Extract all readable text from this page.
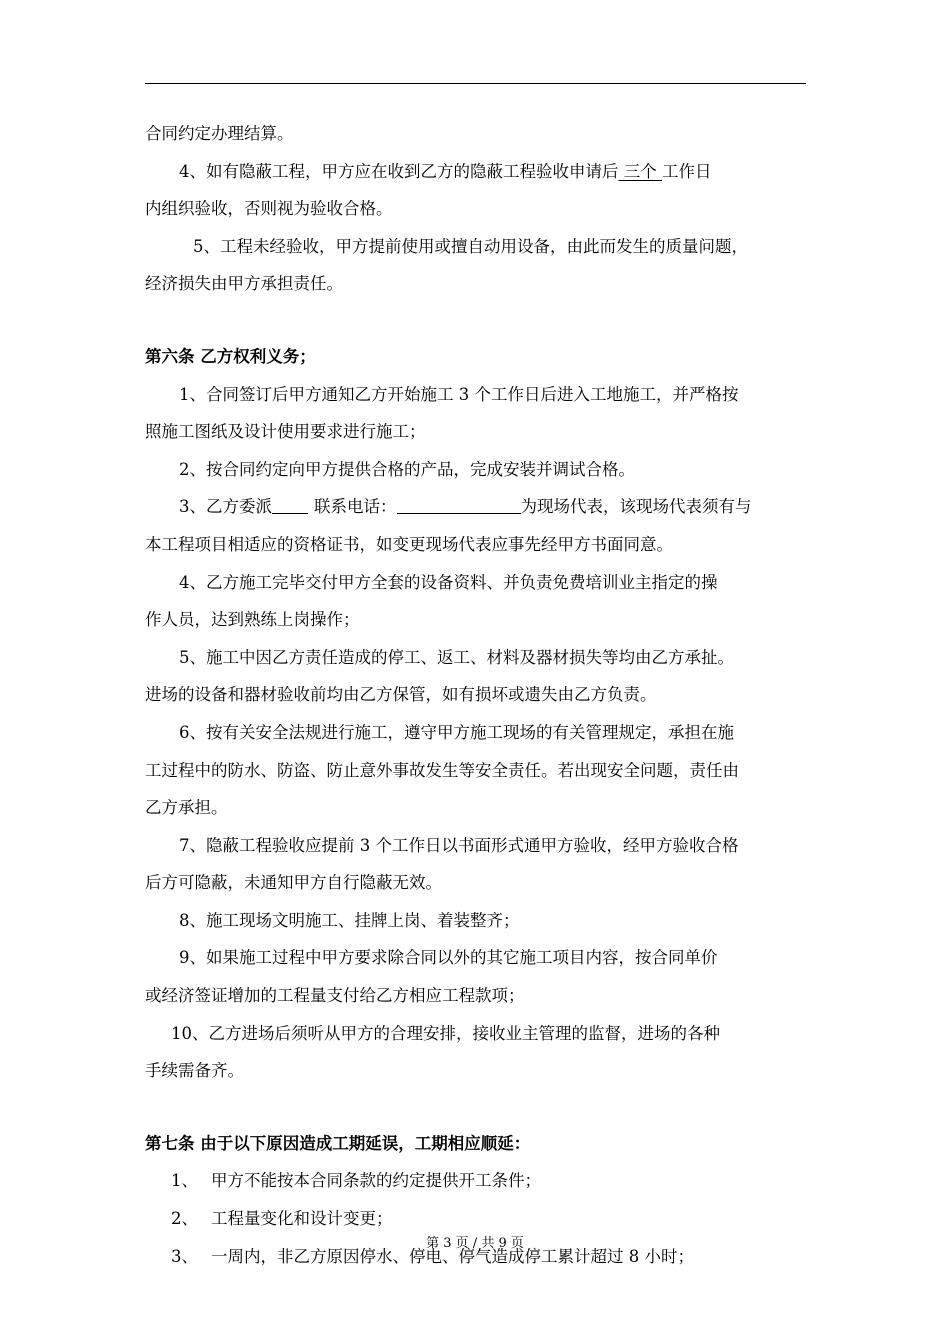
合同约定办理结算。
4、如有隐蔽工程，甲方应在收到乙方的隐蔽工程验收申请后 三个 工作日
内组织验收，否则视为验收合格。
5、工程未经验收，甲方提前使用或擅自动用设备，由此而发生的质量问题，
经济损失由甲方承担责任。
第六条 乙方权利义务；
1、合同签订后甲方通知乙方开始施工 3 个工作日后进入工地施工，并严格按
照施工图纸及设计使用要求进行施工；
2、按合同约定向甲方提供合格的产品，完成安装并调试合格。
3、乙方委派	联系电话：	为现场代表，该现场代表须有与
本工程项目相适应的资格证书，如变更现场代表应事先经甲方书面同意。
4、乙方施工完毕交付甲方全套的设备资料、并负责免费培训业主指定的操
作人员，达到熟练上岗操作；
5、施工中因乙方责任造成的停工、返工、材料及器材损失等均由乙方承扯。
进场的设备和器材验收前均由乙方保管，如有损坏或遗失由乙方负责。
6、按有关安全法规进行施工，遵守甲方施工现场的有关管理规定，承担在施
工过程中的防水、防盗、防止意外事故发生等安全责任。若出现安全问题，责任由
乙方承担。
7、隐蔽工程验收应提前 3 个工作日以书面形式通甲方验收，经甲方验收合格
后方可隐蔽，未通知甲方自行隐蔽无效。
8、施工现场文明施工、挂牌上岗、着装整齐；
9、如果施工过程中甲方要求除合同以外的其它施工项目内容，按合同单价
或经济签证增加的工程量支付给乙方相应工程款项；
10、乙方进场后须听从甲方的合理安排，接收业主管理的监督，进场的各种
手续需备齐。
第七条 由于以下原因造成工期延误，工期相应顺延：
1、 甲方不能按本合同条款的约定提供开工条件；
2、 工程量变化和设计变更；
3、 一周内，非乙方原因停水、停电、停气造成停工累计超过 8 小时；
第 3 页 / 共 9 页
